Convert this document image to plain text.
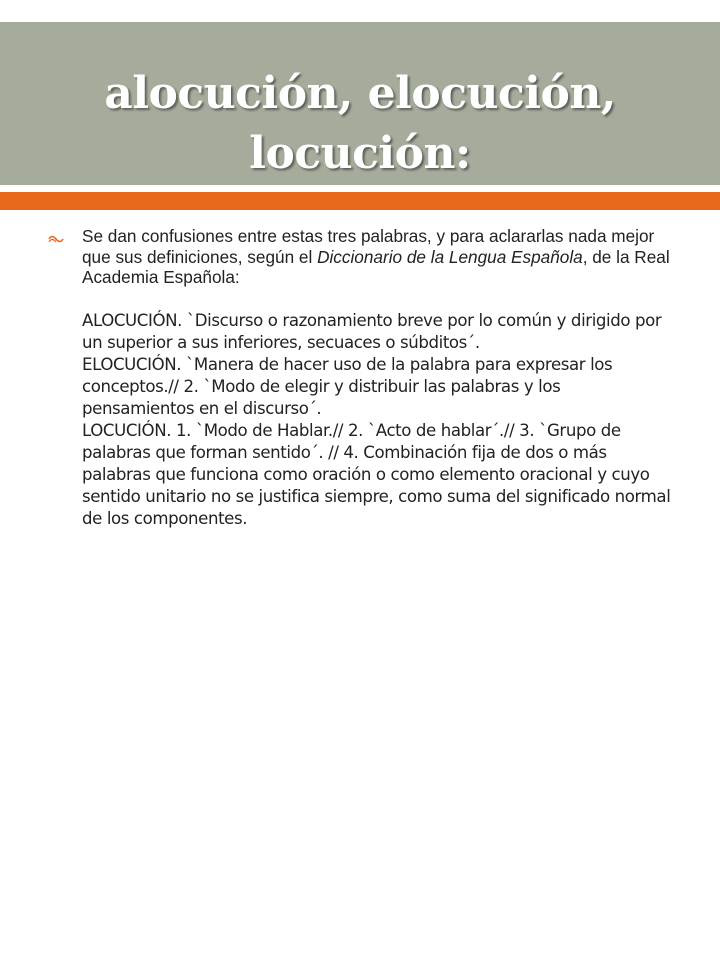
alocución, elocución, locución:

Se dan confusiones entre estas tres palabras, y para aclararlas nada mejor que sus definiciones, según el Diccionario de la Lengua Española, de la Real Academia Española:

ALOCUCIÓN. `Discurso o razonamiento breve por lo común y dirigido por un superior a sus inferiores, secuaces o súbditos´.

ELOCUCIÓN. `Manera de hacer uso de la palabra para expresar los conceptos.// 2. `Modo de elegir y distribuir las palabras y los pensamientos en el discurso´.

LOCUCIÓN. 1. `Modo de Hablar.// 2. `Acto de hablar´.// 3. `Grupo de palabras que forman sentido´. // 4. Combinación fija de dos o más palabras que funciona como oración o como elemento oracional y cuyo sentido unitario no se justifica siempre, como suma del significado normal de los componentes.
